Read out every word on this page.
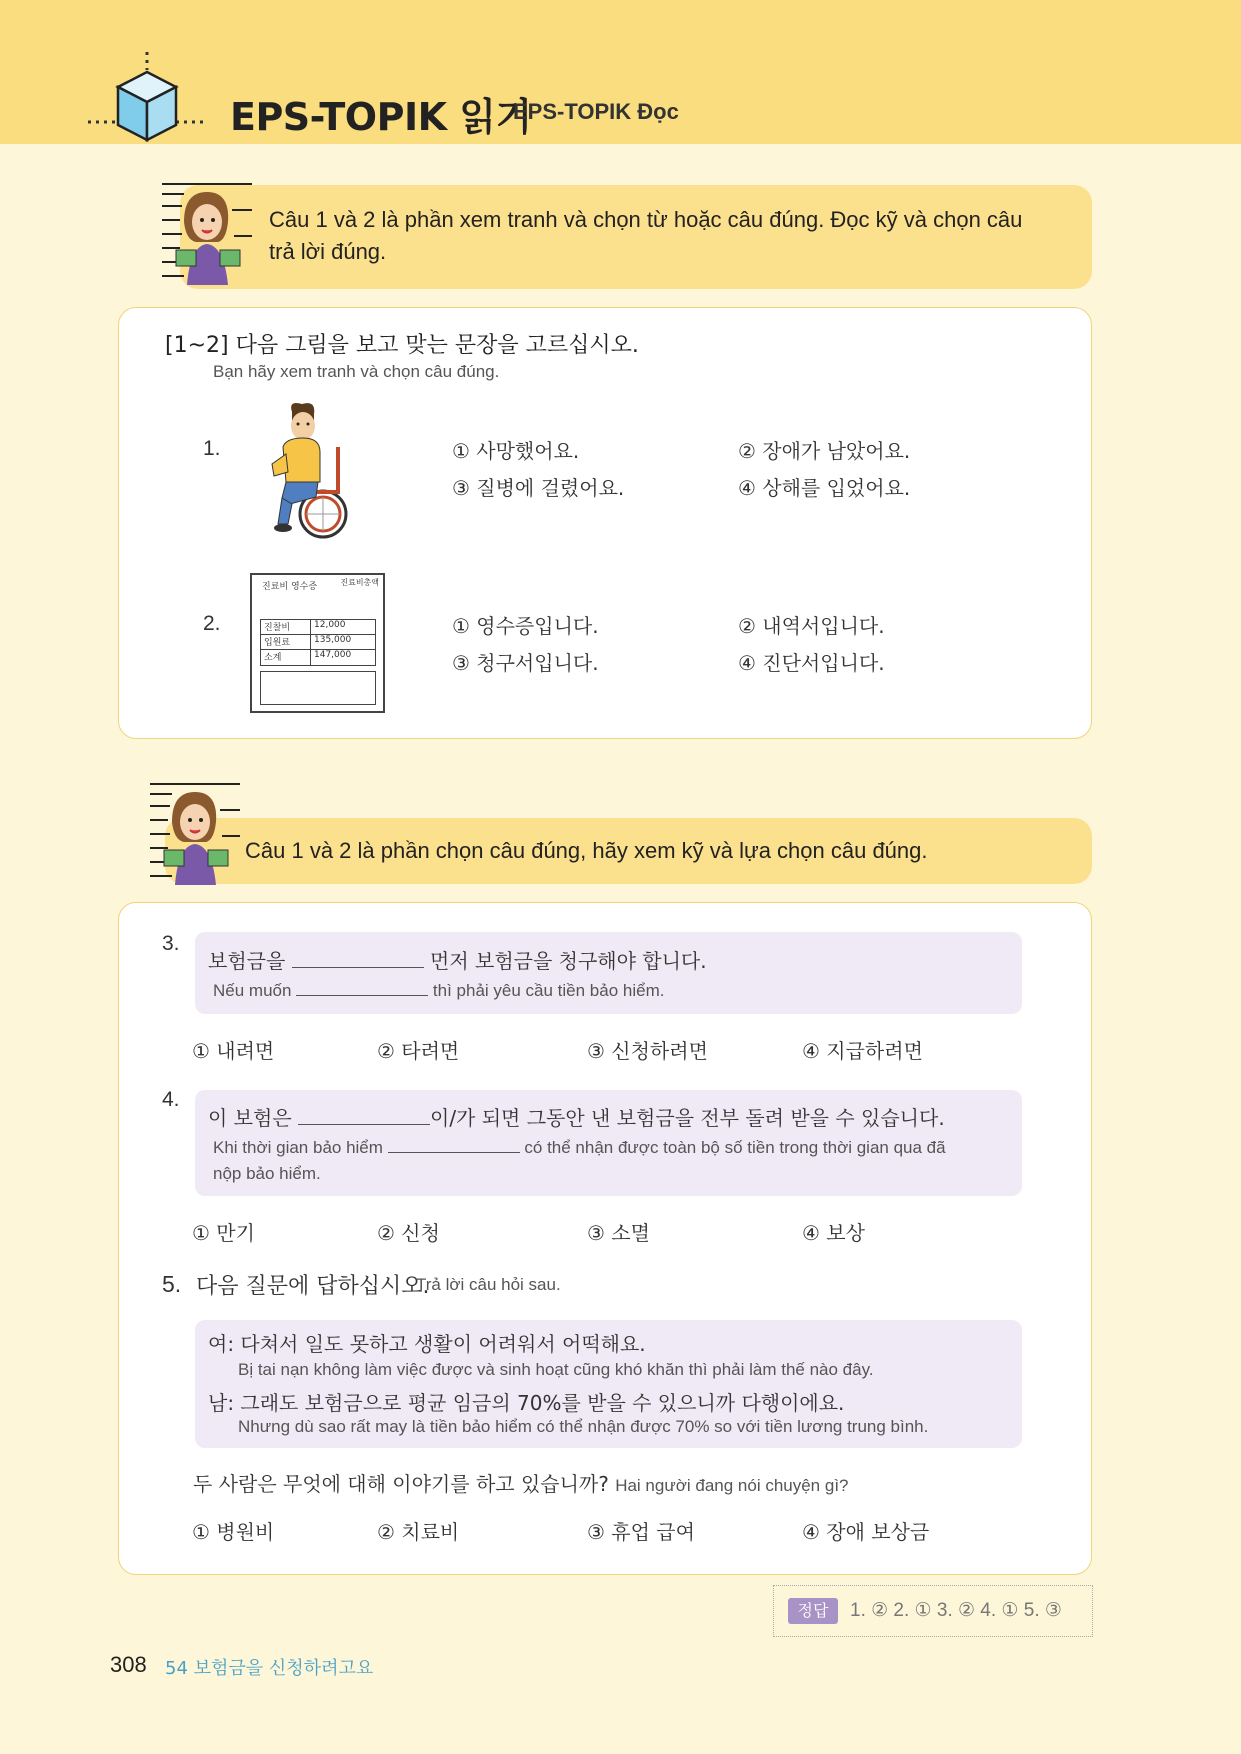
EPS-TOPIK 읽기
EPS-TOPIK Đọc
Câu 1 và 2 là phần xem tranh và chọn từ hoặc câu đúng. Đọc kỹ và chọn câu
trả lời đúng.
[1~2] 다음 그림을 보고 맞는 문장을 고르십시오.
Bạn hãy xem tranh và chọn câu đúng.
1.	① 사망했어요.	② 장애가 남았어요.
③ 질병에 걸렸어요.	④ 상해를 입었어요.
2.
진료비 영수증	진료비총액
진찰비	12,000
입원료	135,000
소계	147,000
① 영수증입니다.	② 내역서입니다.
③ 청구서입니다.	④ 진단서입니다.
Câu 1 và 2 là phần chọn câu đúng, hãy xem kỹ và lựa chọn câu đúng.
3.
보험금을	먼저 보험금을 청구해야 합니다.
Nếu muốn	thì phải yêu cầu tiền bảo hiểm.
① 내려면	② 타려면	③ 신청하려면	④ 지급하려면
4.
이 보험은	이/가 되면 그동안 낸 보험금을 전부 돌려 받을 수 있습니다.
Khi thời gian bảo hiểm	có thể nhận được toàn bộ số tiền trong thời gian qua đã
nộp bảo hiểm.
① 만기	② 신청	③ 소멸	④ 보상
5. 다음 질문에 답하십시오.
Trả lời câu hỏi sau.
여: 다쳐서 일도 못하고 생활이 어려워서 어떡해요.
Bị tai nạn không làm việc được và sinh hoạt cũng khó khăn thì phải làm thế nào đây.
남: 그래도 보험금으로 평균 임금의 70%를 받을 수 있으니까 다행이에요.
Nhưng dù sao rất may là tiền bảo hiểm có thể nhận được 70% so với tiền lương trung bình.
두 사람은 무엇에 대해 이야기를 하고 있습니까? Hai người đang nói chuyện gì?
① 병원비	② 치료비	③ 휴업 급여	④ 장애 보상금
정답	1. ② 2. ① 3. ② 4. ① 5. ③
308 54 보험금을 신청하려고요
